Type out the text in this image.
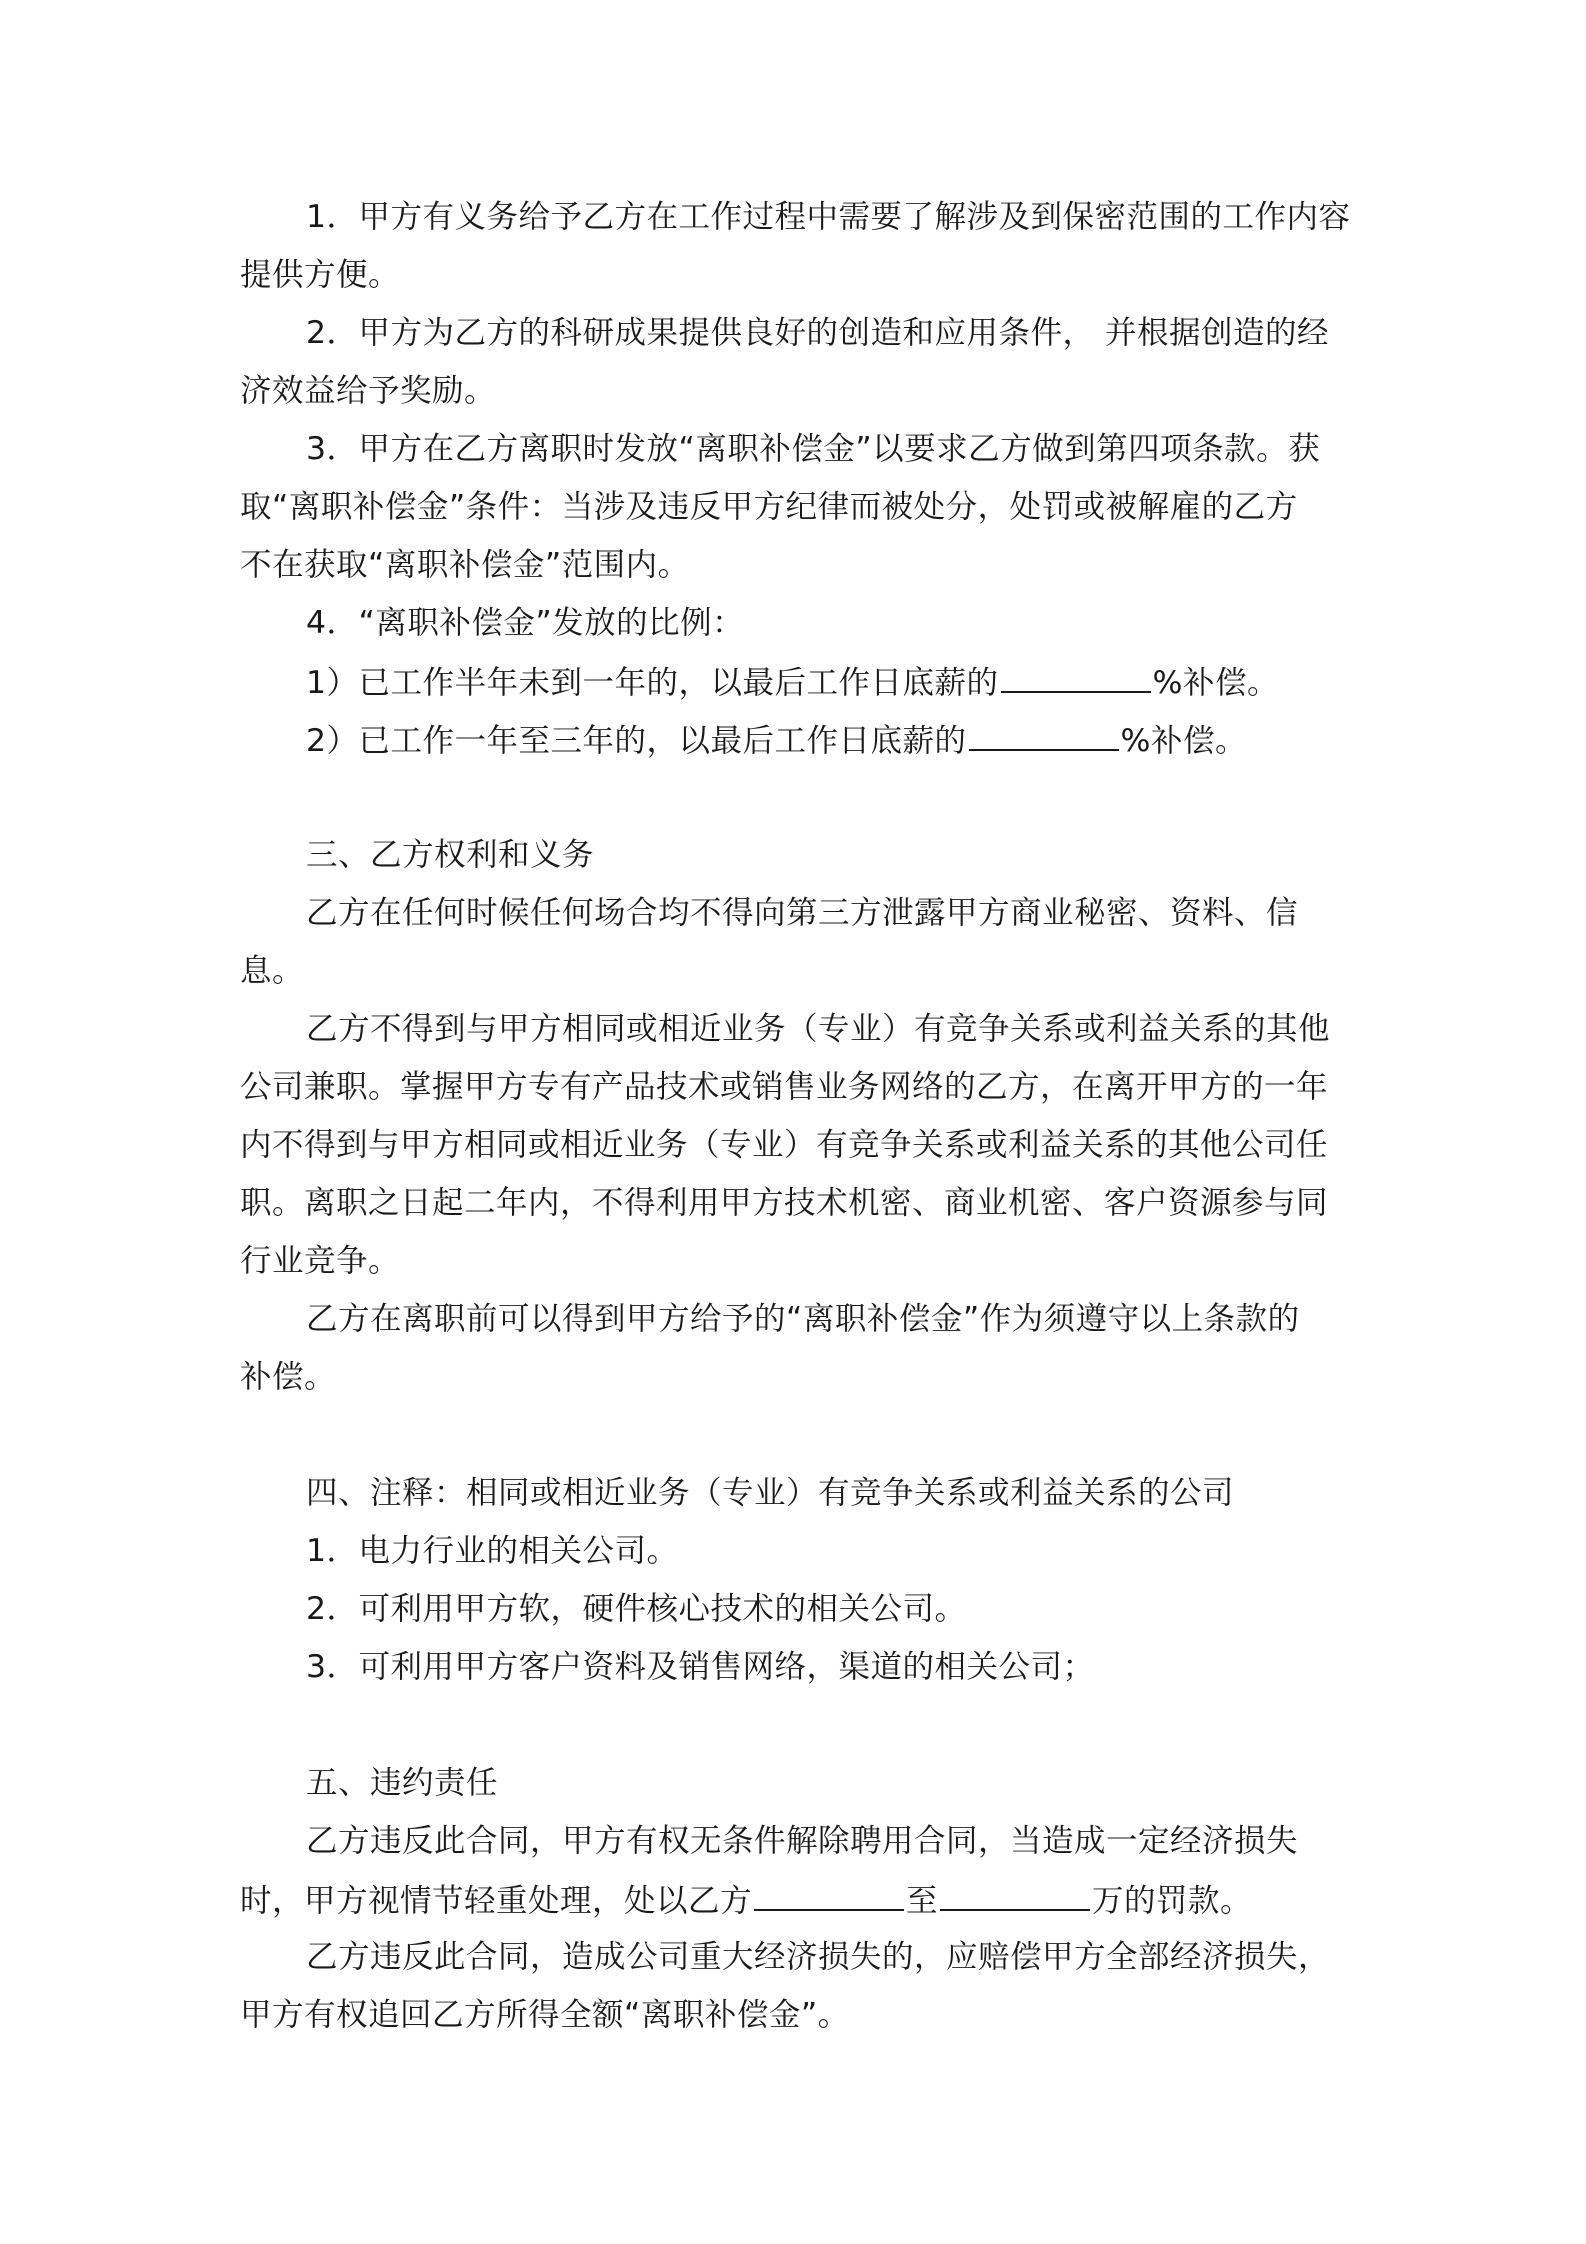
1．甲方有义务给予乙方在工作过程中需要了解涉及到保密范围的工作内容
提供方便。
2．甲方为乙方的科研成果提供良好的创造和应用条件， 并根据创造的经
济效益给予奖励。
3．甲方在乙方离职时发放“离职补偿金”以要求乙方做到第四项条款。获
取“离职补偿金”条件：当涉及违反甲方纪律而被处分，处罚或被解雇的乙方
不在获取“离职补偿金”范围内。
4．“离职补偿金”发放的比例：
1）已工作半年未到一年的，以最后工作日底薪的	%补偿。
2）已工作一年至三年的，以最后工作日底薪的	%补偿。
三、乙方权利和义务
乙方在任何时候任何场合均不得向第三方泄露甲方商业秘密、资料、信
息。
乙方不得到与甲方相同或相近业务（专业）有竞争关系或利益关系的其他
公司兼职。掌握甲方专有产品技术或销售业务网络的乙方，在离开甲方的一年
内不得到与甲方相同或相近业务（专业）有竞争关系或利益关系的其他公司任
职。离职之日起二年内，不得利用甲方技术机密、商业机密、客户资源参与同
行业竞争。
乙方在离职前可以得到甲方给予的“离职补偿金”作为须遵守以上条款的
补偿。
四、注释：相同或相近业务（专业）有竞争关系或利益关系的公司
1．电力行业的相关公司。
2．可利用甲方软，硬件核心技术的相关公司。
3．可利用甲方客户资料及销售网络，渠道的相关公司；
五、违约责任
乙方违反此合同，甲方有权无条件解除聘用合同，当造成一定经济损失
时，甲方视情节轻重处理，处以乙方	至	万的罚款。
乙方违反此合同，造成公司重大经济损失的，应赔偿甲方全部经济损失，
甲方有权追回乙方所得全额“离职补偿金”。
